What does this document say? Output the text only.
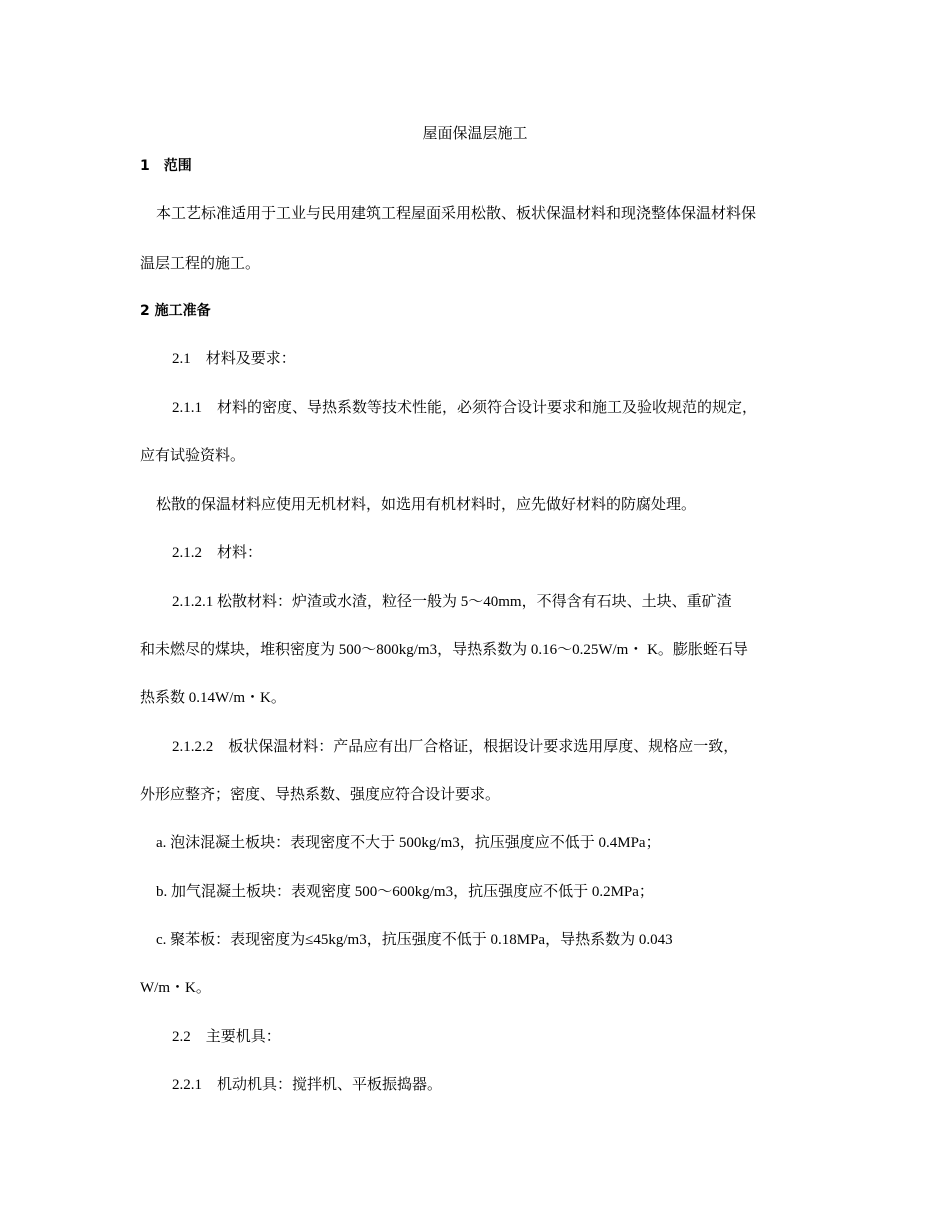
屋面保温层施工
1　范围
本工艺标准适用于工业与民用建筑工程屋面采用松散、板状保温材料和现浇整体保温材料保
温层工程的施工。
2 施工准备
2.1　材料及要求：
2.1.1　材料的密度、导热系数等技术性能，必须符合设计要求和施工及验收规范的规定，
应有试验资料。
松散的保温材料应使用无机材料，如选用有机材料时，应先做好材料的防腐处理。
2.1.2　材料：
2.1.2.1 松散材料：炉渣或水渣，粒径一般为 5～40mm，不得含有石块、土块、重矿渣
和未燃尽的煤块，堆积密度为 500～800kg/m3，导热系数为 0.16～0.25W/m・ K。膨胀蛭石导
热系数 0.14W/m・K。
2.1.2.2　板状保温材料：产品应有出厂合格证，根据设计要求选用厚度、规格应一致，
外形应整齐；密度、导热系数、强度应符合设计要求。
a. 泡沫混凝土板块：表现密度不大于 500kg/m3，抗压强度应不低于 0.4MPa；
b. 加气混凝土板块：表观密度 500～600kg/m3，抗压强度应不低于 0.2MPa；
c. 聚苯板：表现密度为≤45kg/m3，抗压强度不低于 0.18MPa，导热系数为 0.043
W/m・K。
2.2　主要机具：
2.2.1　机动机具：搅拌机、平板振捣器。
